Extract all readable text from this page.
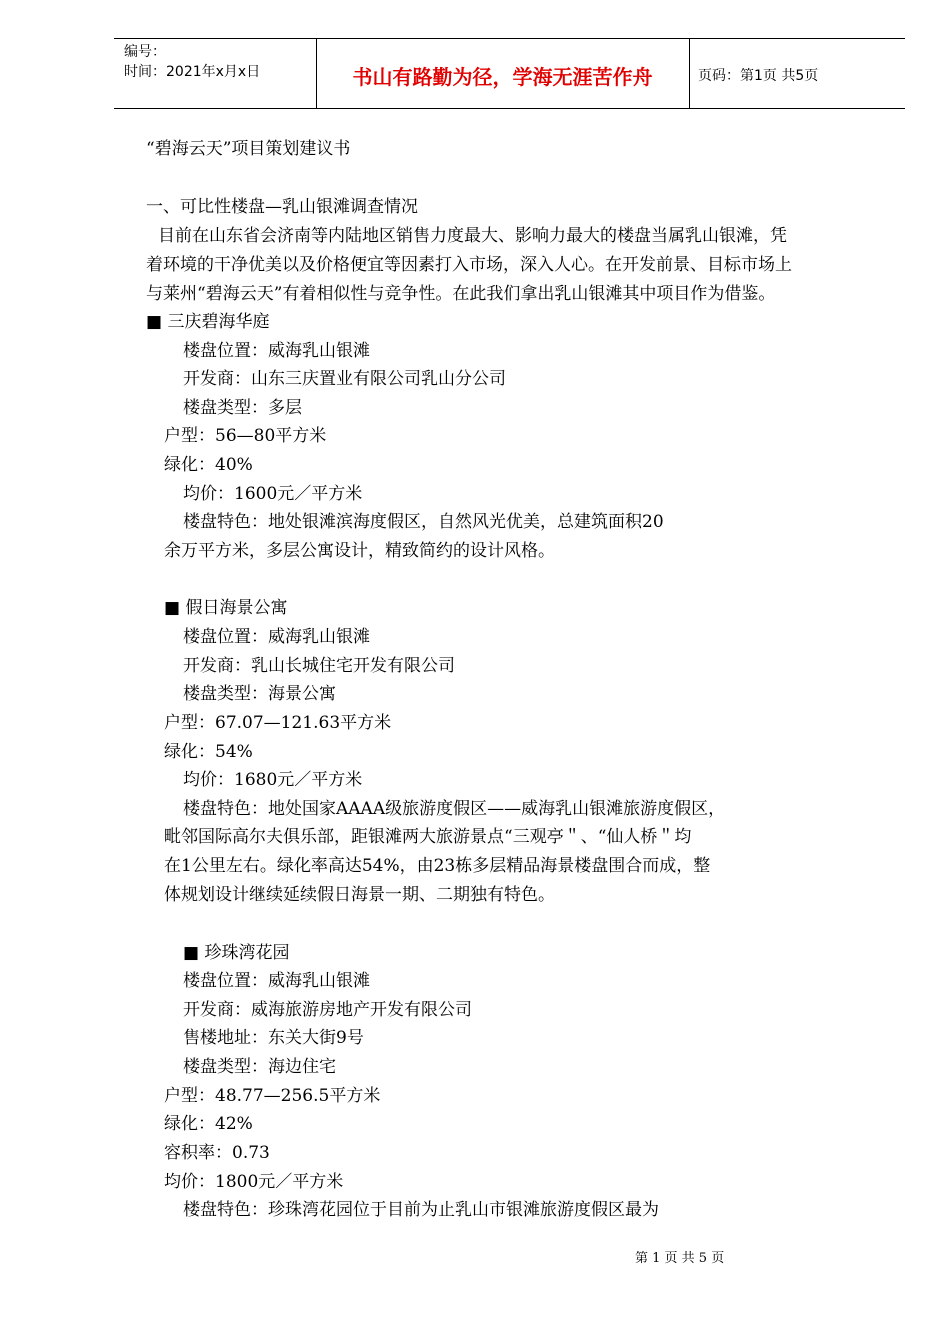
编号：
时间：2021年x月x日	书山有路勤为径，学海无涯苦作舟	页码：第1页 共5页
“碧海云天”项目策划建议书
一、可比性楼盘—乳山银滩调查情况
目前在山东省会济南等内陆地区销售力度最大、影响力最大的楼盘当属乳山银滩，凭
着环境的干净优美以及价格便宜等因素打入市场，深入人心。在开发前景、目标市场上
与莱州“碧海云天”有着相似性与竞争性。在此我们拿出乳山银滩其中项目作为借鉴。
■ 三庆碧海华庭
楼盘位置：威海乳山银滩
开发商：山东三庆置业有限公司乳山分公司
楼盘类型：多层
户型：56—80平方米
绿化：40%
均价：1600元／平方米
楼盘特色：地处银滩滨海度假区，自然风光优美，总建筑面积20
余万平方米，多层公寓设计，精致简约的设计风格。
■ 假日海景公寓
楼盘位置：威海乳山银滩
开发商：乳山长城住宅开发有限公司
楼盘类型：海景公寓
户型：67.07—121.63平方米
绿化：54%
均价：1680元／平方米
楼盘特色：地处国家AAAA级旅游度假区——威海乳山银滩旅游度假区，
毗邻国际高尔夫俱乐部，距银滩两大旅游景点“三观亭＂、“仙人桥＂均
在1公里左右。绿化率高达54%，由23栋多层精品海景楼盘围合而成，整
体规划设计继续延续假日海景一期、二期独有特色。
■ 珍珠湾花园
楼盘位置：威海乳山银滩
开发商：威海旅游房地产开发有限公司
售楼地址：东关大街9号
楼盘类型：海边住宅
户型：48.77—256.5平方米
绿化：42%
容积率：0.73
均价：1800元／平方米
楼盘特色：珍珠湾花园位于目前为止乳山市银滩旅游度假区最为
第 1 页 共 5 页
